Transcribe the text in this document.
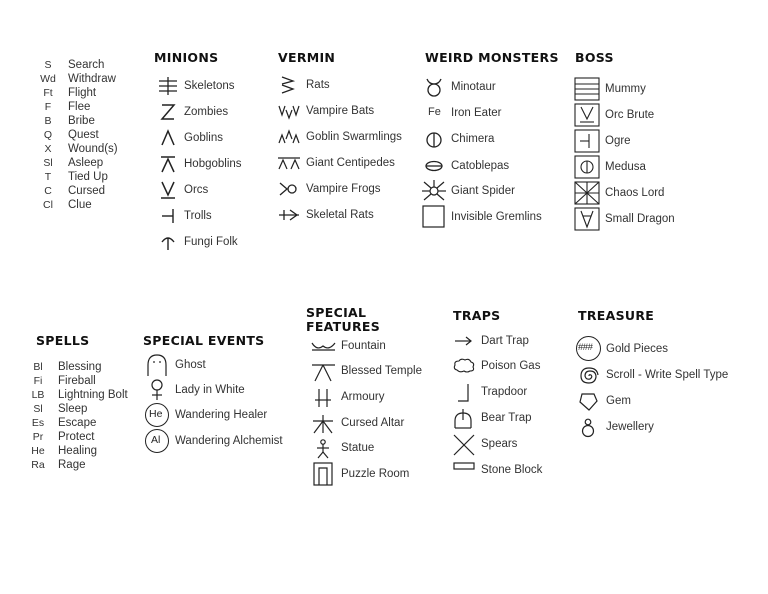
S	Search
Wd Withdraw
Ft	Flight
F	Flee
B	Bribe
Q	Quest
X	Wound(s)
Sl	Asleep
T	Tied Up
C	Cursed
Cl	Clue
MINIONS
Skeletons
Zombies
Goblins
Hobgoblins
Orcs
Trolls
Fungi Folk
VERMIN
Rats
Vampire Bats
Goblin Swarmlings
Giant Centipedes
Vampire Frogs
Skeletal Rats
WEIRD MONSTERS
Minotaur
Fe Iron Eater
Chimera
Catoblepas
Giant Spider
Invisible Gremlins
BOSS
Mummy
Orc Brute
Ogre
Medusa
Chaos Lord
Small Dragon
SPELLS
Bl	Blessing
Fi	Fireball
LB	Lightning Bolt
Sl	Sleep
Es	Escape
Pr	Protect
He Healing
Ra Rage
SPECIAL EVENTS
Ghost
Lady in White
He Wandering Healer
Al Wandering Alchemist
SPECIAL
FEATURES
Fountain
Blessed Temple
Armoury
Cursed Altar
Statue
Puzzle Room
TRAPS
Dart Trap
Poison Gas
Trapdoor
Bear Trap
Spears
Stone Block
TREASURE
### Gold Pieces
Scroll - Write Spell Type
Gem
Jewellery
